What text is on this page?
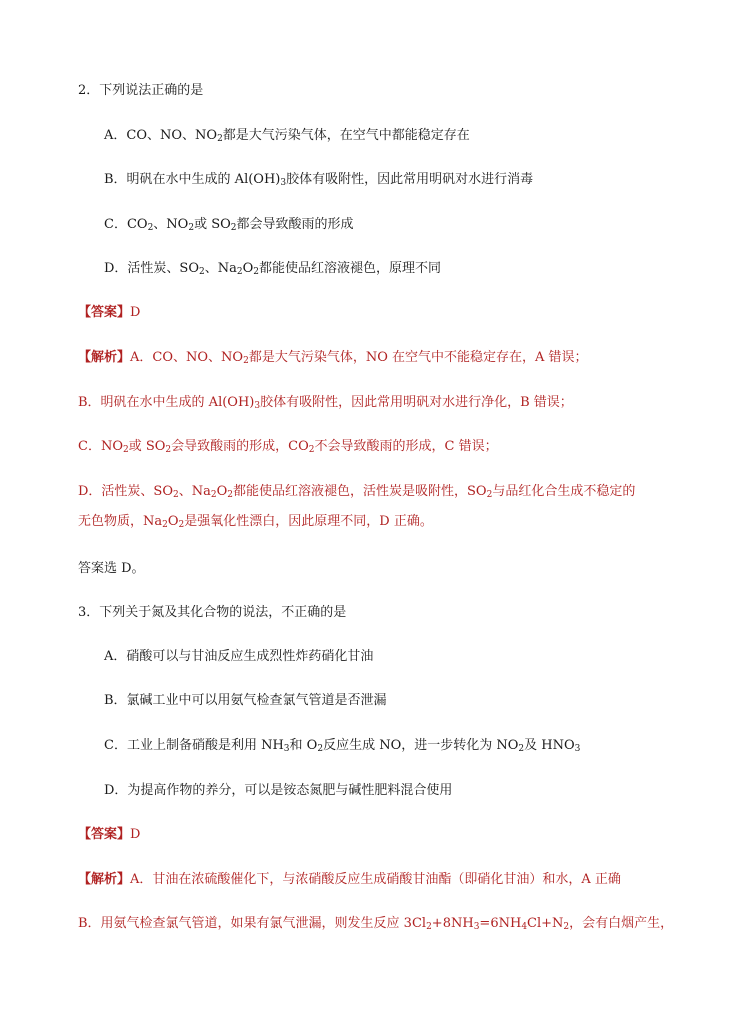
2．下列说法正确的是
A．CO、NO、$NO_2$都是大气污染气体，在空气中都能稳定存在
B．明矾在水中生成的 $Al(OH)_3$胶体有吸附性，因此常用明矾对水进行消毒
C．$CO_2$、$NO_2$或 $SO_2$都会导致酸雨的形成
D．活性炭、$SO_2$、$Na_2O_2$都能使品红溶液褪色，原理不同
【答案】D
【解析】A．CO、NO、$NO_2$都是大气污染气体，NO 在空气中不能稳定存在，A 错误；
B．明矾在水中生成的 $Al(OH)_3$胶体有吸附性，因此常用明矾对水进行净化，B 错误；
C．$NO_2$或 $SO_2$会导致酸雨的形成，$CO_2$不会导致酸雨的形成，C 错误；
D．活性炭、$SO_2$、$Na_2O_2$都能使品红溶液褪色，活性炭是吸附性，$SO_2$与品红化合生成不稳定的
无色物质，$Na_2O_2$是强氧化性漂白，因此原理不同，D 正确。
答案选 D。
3．下列关于氮及其化合物的说法，不正确的是
A．硝酸可以与甘油反应生成烈性炸药硝化甘油
B．氯碱工业中可以用氨气检查氯气管道是否泄漏
C．工业上制备硝酸是利用 $NH_3$和 $O_2$反应生成 NO，进一步转化为 $NO_2$及 $HNO_3$
D．为提高作物的养分，可以是铵态氮肥与碱性肥料混合使用
【答案】D
【解析】A．甘油在浓硫酸催化下，与浓硝酸反应生成硝酸甘油酯（即硝化甘油）和水，A 正确
B．用氨气检查氯气管道，如果有氯气泄漏，则发生反应 $3Cl_2+8NH_3=6NH_4Cl+N_2$，会有白烟产生，
